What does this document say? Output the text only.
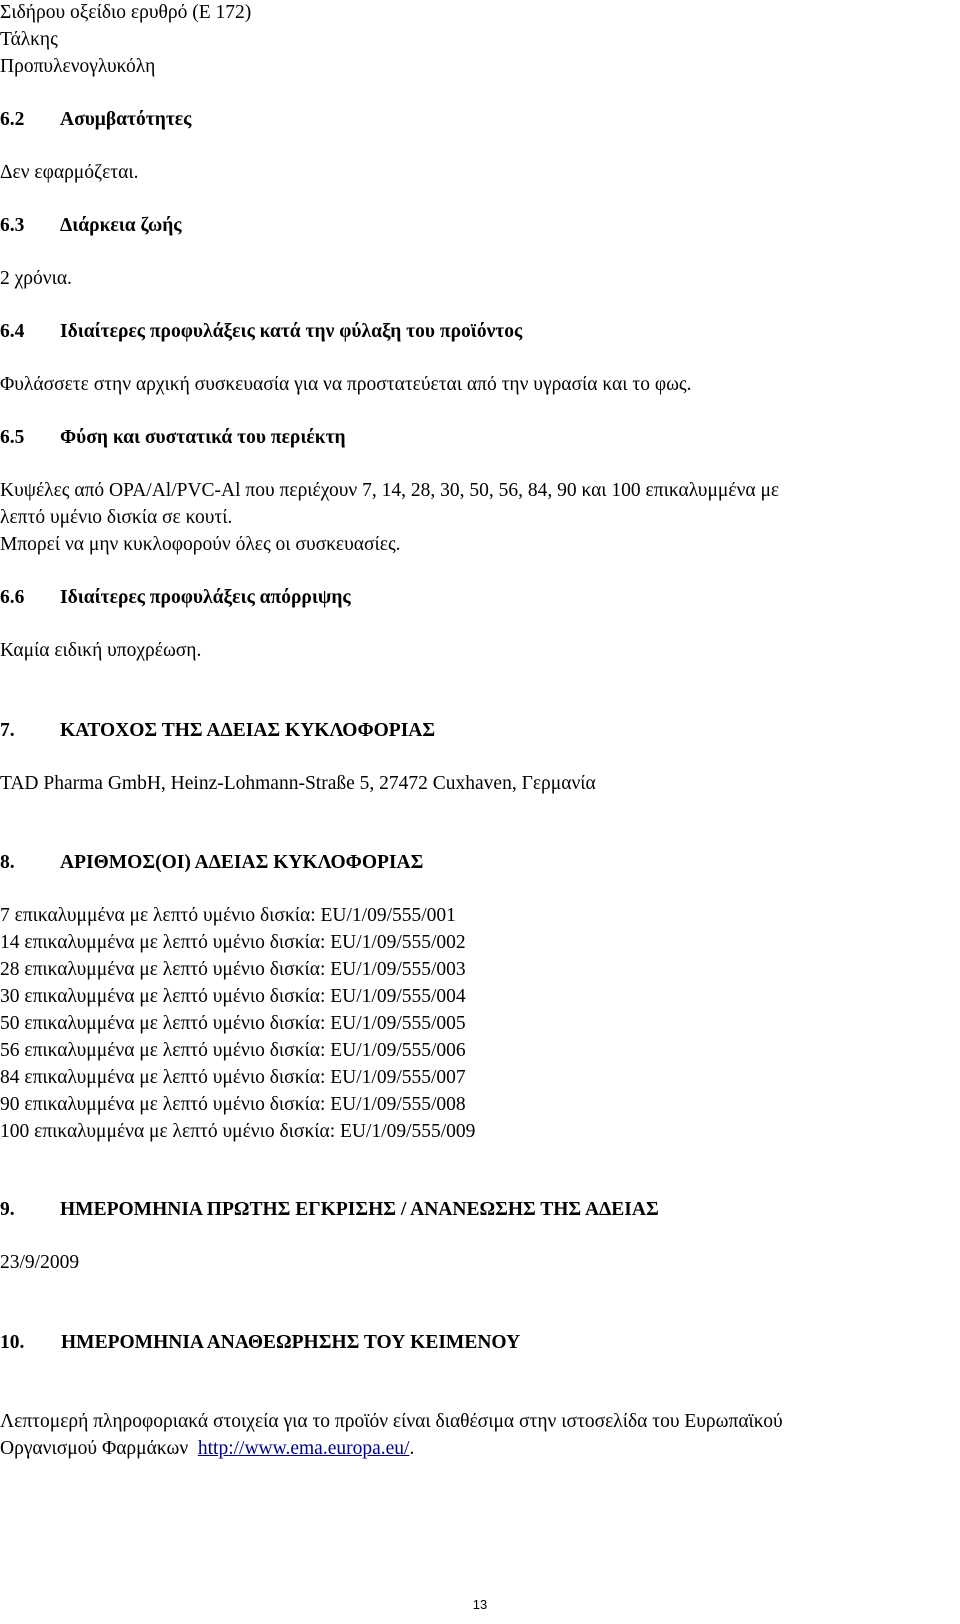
Σιδήρου οξείδιο ερυθρό (Ε 172)
Τάλκης
Προπυλενογλυκόλη
6.2 Ασυμβατότητες
Δεν εφαρμόζεται.
6.3 Διάρκεια ζωής
2 χρόνια.
6.4 Ιδιαίτερες προφυλάξεις κατά την φύλαξη του προϊόντος
Φυλάσσετε στην αρχική συσκευασία για να προστατεύεται από την υγρασία και το φως.
6.5 Φύση και συστατικά του περιέκτη
Κυψέλες από OPA/Al/PVC-Al που περιέχουν 7, 14, 28, 30, 50, 56, 84, 90 και 100 επικαλυμμένα με
λεπτό υμένιο δισκία σε κουτί.
Μπορεί να μην κυκλοφορούν όλες οι συσκευασίες.
6.6 Ιδιαίτερες προφυλάξεις απόρριψης
Καμία ειδική υποχρέωση.
7. ΚΑΤΟΧΟΣ ΤΗΣ ΑΔΕΙΑΣ ΚΥΚΛΟΦΟΡΙΑΣ
TAD Pharma GmbH, Heinz-Lohmann-Straße 5, 27472 Cuxhaven, Γερμανία
8. ΑΡΙΘΜΟΣ(ΟΙ) ΑΔΕΙΑΣ ΚΥΚΛΟΦΟΡΙΑΣ
7 επικαλυμμένα με λεπτό υμένιο δισκία: EU/1/09/555/001
14 επικαλυμμένα με λεπτό υμένιο δισκία: EU/1/09/555/002
28 επικαλυμμένα με λεπτό υμένιο δισκία: EU/1/09/555/003
30 επικαλυμμένα με λεπτό υμένιο δισκία: EU/1/09/555/004
50 επικαλυμμένα με λεπτό υμένιο δισκία: EU/1/09/555/005
56 επικαλυμμένα με λεπτό υμένιο δισκία: EU/1/09/555/006
84 επικαλυμμένα με λεπτό υμένιο δισκία: EU/1/09/555/007
90 επικαλυμμένα με λεπτό υμένιο δισκία: EU/1/09/555/008
100 επικαλυμμένα με λεπτό υμένιο δισκία: EU/1/09/555/009
9. ΗΜΕΡΟΜΗΝΙΑ ΠΡΩΤΗΣ ΕΓΚΡΙΣΗΣ / ΑΝΑΝΕΩΣΗΣ ΤΗΣ ΑΔΕΙΑΣ
23/9/2009
10. ΗΜΕΡΟΜΗΝΙΑ ΑΝΑΘΕΩΡΗΣΗΣ ΤΟΥ ΚΕΙΜΕΝΟΥ
Λεπτομερή πληροφοριακά στοιχεία για το προϊόν είναι διαθέσιμα στην ιστοσελίδα του Ευρωπαϊκού
Οργανισμού Φαρμάκων http://www.ema.europa.eu/.
13
